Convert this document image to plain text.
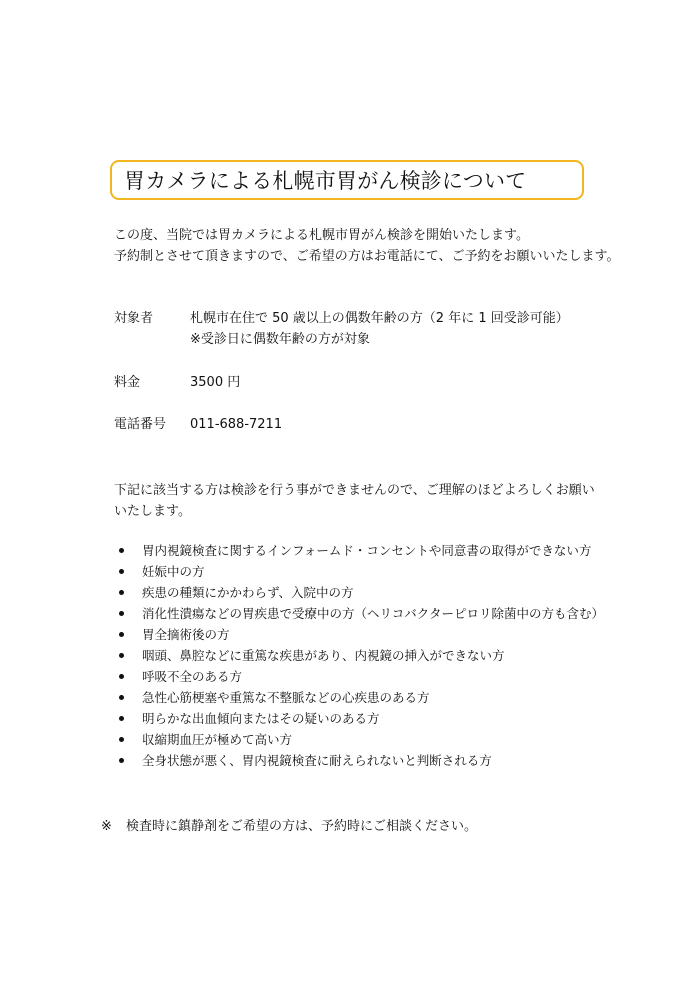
胃カメラによる札幌市胃がん検診について
この度、当院では胃カメラによる札幌市胃がん検診を開始いたします。
予約制とさせて頂きますので、ご希望の方はお電話にて、ご予約をお願いいたします。
対象者	札幌市在住で 50 歳以上の偶数年齢の方（2 年に 1 回受診可能）
※受診日に偶数年齢の方が対象
料金	3500 円
電話番号 011-688-7211
下記に該当する方は検診を行う事ができませんので、ご理解のほどよろしくお願いいたします。
胃内視鏡検査に関するインフォームド・コンセントや同意書の取得ができない方
妊娠中の方
疾患の種類にかかわらず、入院中の方
消化性潰瘍などの胃疾患で受療中の方（ヘリコバクターピロリ除菌中の方も含む）
胃全摘術後の方
咽頭、鼻腔などに重篤な疾患があり、内視鏡の挿入ができない方
呼吸不全のある方
急性心筋梗塞や重篤な不整脈などの心疾患のある方
明らかな出血傾向またはその疑いのある方
収縮期血圧が極めて高い方
全身状態が悪く、胃内視鏡検査に耐えられないと判断される方
※ 検査時に鎮静剤をご希望の方は、予約時にご相談ください。
